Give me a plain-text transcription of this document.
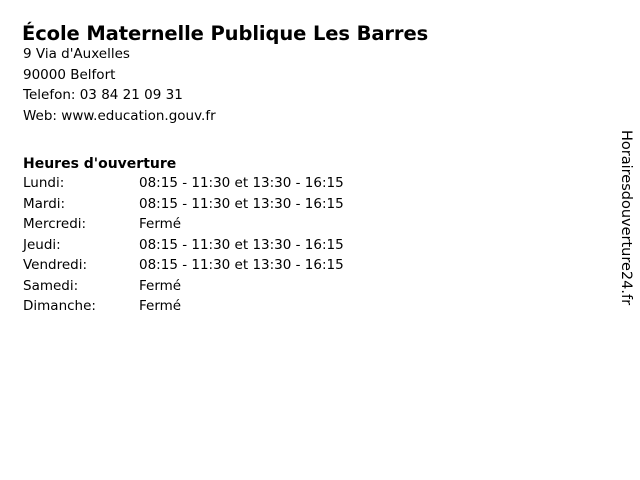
École Maternelle Publique Les Barres
9 Via d'Auxelles
90000 Belfort
Telefon: 03 84 21 09 31
Web: www.education.gouv.fr
Heures d'ouverture
Lundi:	08:15 - 11:30 et 13:30 - 16:15
Mardi:	08:15 - 11:30 et 13:30 - 16:15
Mercredi:	Fermé
Jeudi:	08:15 - 11:30 et 13:30 - 16:15
Vendredi:	08:15 - 11:30 et 13:30 - 16:15
Samedi:	Fermé
Dimanche:	Fermé
Horairesdouverture24.fr
